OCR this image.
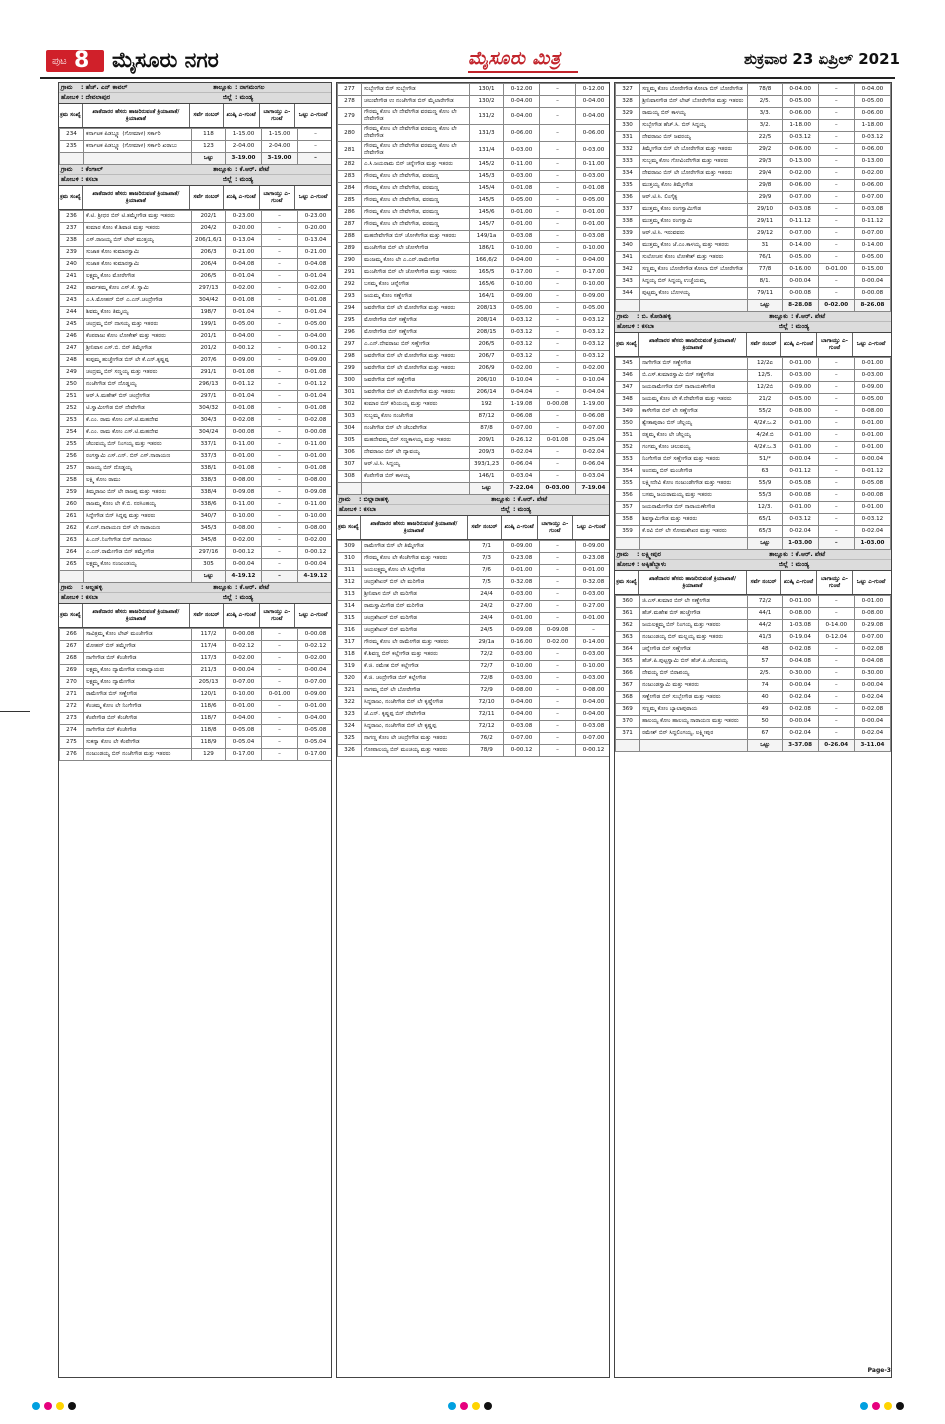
ಪುಟ 8 ಮೈಸೂರು ನಗರ	ಮೈಸೂರು ಮಿತ್ರ	ಶುಕ್ರವಾರ 23 ಏಪ್ರಿಲ್ 2021
ಗ್ರಾಮ	: ಹೆಚ್. ಎನ್ ಕಾವಲ್	ತಾಲ್ಲೂಕು : ನಾಗಮಂಗಲ
ಹೋಬಳಿ : ದೇವಲಾಪುರ	ಜಿಲ್ಲೆ : ಮಂಡ್ಯ
ಕ್ರಮ ಸಂಖ್ಯೆ
ಖಾತೆದಾರರ ಹೆಸರು ಹಾಜರಿರುವಂತೆ ಕ್ರಿಯಾಖಾತೆ/ಕ್ರಿಯಾಖಾತೆ
ಸರ್ವೆ ನಂಬರ್	ಖುಷ್ಕಿ ಎ-ಗುಂಟೆ
ಬಾಗಾಯ್ತು ಎ-ಗುಂಟೆ
ಒಟ್ಟು ಎ-ಗುಂಟೆ
234	ಕರ್ನಾಟಕ ಪಿಡಬ್ಲ್ಯೂ (ಗೋಮಾಳ) ಸರ್ಕಾರಿ	118	1-15.00	1-15.00	–
235	ಕರ್ನಾಟಕ ಪಿಡಬ್ಲ್ಯೂ (ಗೋಮಾಳ) ಸರ್ಕಾರಿ ಖರಾಬು	123	2-04.00	2-04.00	–
		ಒಟ್ಟು	3-19.00	3-19.00	–
ಗ್ರಾಮ	: ಕೆಂಗಾಲ್	ತಾಲ್ಲೂಕು : ಕೆ.ಆರ್. ಪೇಟೆ
ಹೋಬಳಿ : ಕಸಬಾ	ಜಿಲ್ಲೆ : ಮಂಡ್ಯ
ಕ್ರಮ ಸಂಖ್ಯೆ
ಖಾತೆದಾರರ ಹೆಸರು ಹಾಜರಿರುವಂತೆ ಕ್ರಿಯಾಖಾತೆ/ಕ್ರಿಯಾಖಾತೆ
ಸರ್ವೆ ನಂಬರ್	ಖುಷ್ಕಿ ಎ-ಗುಂಟೆ
ಬಾಗಾಯ್ತು ಎ-ಗುಂಟೆ
ಒಟ್ಟು ಎ-ಗುಂಟೆ
236	ಕೆ.ಟಿ. ಶ್ರೀಧರ ಬಿನ್ ಟಿ.ತಮ್ಮೇಗೌಡ ಮತ್ತು ಇತರರು	202/1	0-23.00	–	0-23.00
237	ಕುಮಾರ ಕೋಂ ಕೆ.ಶಿವಾಜಿ ಮತ್ತು ಇತರರು	204/2	0-20.00	–	0-20.00
238	ಎಸ್.ರಾಜಯ್ಯ ಬಿನ್ ಲೇಟ್ ಮುತ್ತಯ್ಯ	206/1,6/1	0-13.04	–	0-13.04
239	ಸುಜಾತ ಕೋಂ ಕುಮಾರಸ್ವಾಮಿ	206/3	0-21.00	–	0-21.00
240	ಸುಜಾತ ಕೋಂ ಕುಮಾರಸ್ವಾಮಿ	206/4	0-04.08	–	0-04.08
241	ಲಕ್ಷ್ಮಮ್ಮ ಕೋಂ ಮೋರೇಗೌಡ	206/5	0-01.04	–	0-01.04
242	ಪಾರ್ವತಮ್ಮ ಕೋಂ ಎಸ್.ಕೆ. ಸ್ವಾಮಿ	297/13	0-02.00	–	0-02.00
243	ಎ.ಸಿ.ಮೋಹನ್ ಬಿನ್ ಎ.ಎನ್.ಚಂದ್ರೇಗೌಡ	304/42	0-01.08	–	0-01.08
244	ಶಿವಮ್ಮ ಕೋಂ ತಿಮ್ಮಯ್ಯ	198/7	0-01.04	–	0-01.04
245	ಚಂದ್ರಮ್ಮ ಬಿನ್ ದಾಸಯ್ಯ ಮತ್ತು ಇತರರು	199/1	0-05.00	–	0-05.00
246	ಕೆಂಪರಾಜು ಕೋಂ ಲೋಕೇಶ್ ಮತ್ತು ಇತರರು	201/1	0-04.00	–	0-04.00
247	ಶ್ರೀನಿವಾಸ ಎಸ್.ಬಿ. ಬಿನ್ ತಿಮ್ಮೇಗೌಡ	201/2	0-00.12	–	0-00.12
248	ಕುಪ್ಪಮ್ಮ ಹುಚ್ಚೇಗೌಡ ಬಿನ್ ಲೇ ಕೆ.ಎನ್.ಕೃಷ್ಣಪ್ಪ	207/6	0-09.00	–	0-09.00
249	ಚಂದ್ರಮ್ಮ ಬಿನ್ ಸಣ್ಣಯ್ಯ ಮತ್ತು ಇತರರು	291/1	0-01.08	–	0-01.08
250	ನಂಜೇಗೌಡ ಬಿನ್ ದೊಡ್ಡಯ್ಯ	296/13	0-01.12	–	0-01.12
251	ಆರ್.ಸಿ.ಮಹೇಶ್ ಬಿನ್ ಚಂದ್ರೇಗೌಡ	297/1	0-01.04	–	0-01.04
252	ಟಿ.ಸ್ವಾಮೀಗೌಡ ಬಿನ್ ದೇವೇಗೌಡ	304/32	0-01.08	–	0-01.08
253	ಕೆ.ಎಂ. ರಾಮ ಕೋಂ ಎಸ್.ಟಿ.ಮಹದೇವ	304/3	0-02.08	–	0-02.08
254	ಕೆ.ಎಂ. ರಾಮ ಕೋಂ ಎಸ್.ಟಿ.ಮಹದೇವ	304/24	0-00.08	–	0-00.08
255	ಚೆಲುವಯ್ಯ ಬಿನ್ ನಿಂಗಯ್ಯ ಮತ್ತು ಇತರರು	337/1	0-11.00	–	0-11.00
256	ರಂಗಸ್ವಾಮಿ ಎಸ್.ಎನ್. ಬಿನ್ ಎಸ್.ನಾರಾಯಣ	337/3	0-01.00	–	0-01.00
257	ರಾಜಯ್ಯ ಬಿನ್ ದೊಡ್ಡಯ್ಯ	338/1	0-01.08	–	0-01.08
258	ಲಕ್ಷ್ಮಿ ಕೋಂ ರಾಮು	338/3	0-08.00	–	0-08.00
259	ತಿಮ್ಮರಾಜು ಬಿನ್ ಲೇ ರಾಜಪ್ಪ ಮತ್ತು ಇತರರು	338/4	0-09.08	–	0-09.08
260	ರಾಜಮ್ಮ ಕೋಂ ಲೇ ಕೆ.ಬಿ. ನರಸಿಂಹಯ್ಯ	338/6	0-11.00	–	0-11.00
261	ಸಿದ್ದೇಗೌಡ ಬಿನ್ ಸಿದ್ದಪ್ಪ ಮತ್ತು ಇತರರು	340/7	0-10.00	–	0-10.00
262	ಕೆ.ಎನ್.ನಾರಾಯಣ ಬಿನ್ ಲೇ ನಾರಾಯಣ	345/3	0-08.00	–	0-08.00
263	ಪಿ.ಎನ್.ನಿಂಗೇಗೌಡ ಬಿನ್ ನಾಗರಾಜು	345/8	0-02.00	–	0-02.00
264	ಎ.ಎನ್.ರಾಮೇಗೌಡ ಬಿನ್ ತಮ್ಮೇಗೌಡ	297/16	0-00.12	–	0-00.12
265	ಲಕ್ಷ್ಮಮ್ಮ ಕೋಂ ನಂಜುಂಡಯ್ಯ	305	0-00.04	–	0-00.04
		ಒಟ್ಟು	4-19.12	–	4-19.12
ಗ್ರಾಮ	: ಆಲ್ದಹಳ್ಳಿ	ತಾಲ್ಲೂಕು : ಕೆ.ಆರ್. ಪೇಟೆ
ಹೋಬಳಿ : ಕಸಬಾ	ಜಿಲ್ಲೆ : ಮಂಡ್ಯ
ಕ್ರಮ ಸಂಖ್ಯೆ
ಖಾತೆದಾರರ ಹೆಸರು ಹಾಜರಿರುವಂತೆ ಕ್ರಿಯಾಖಾತೆ/ಕ್ರಿಯಾಖಾತೆ
ಸರ್ವೆ ನಂಬರ್	ಖುಷ್ಕಿ ಎ-ಗುಂಟೆ
ಬಾಗಾಯ್ತು ಎ-ಗುಂಟೆ
ಒಟ್ಟು ಎ-ಗುಂಟೆ
266	ಸಾವಿತ್ರಮ್ಮ ಕೋಂ ಲೇಟ್ ಮಂಜೇಗೌಡ	117/2	0-00.08	–	0-00.08
267	ಮೋಹನ್ ಬಿನ್ ತಮ್ಮೇಗೌಡ	117/4	0-02.12	–	0-02.12
268	ನಾಗೇಗೌಡ ಬಿನ್ ಕೆಂಚೇಗೌಡ	117/3	0-02.00	–	0-02.00
269	ಲಕ್ಷ್ಮಮ್ಮ ಕೋಂ ದ್ಯಾಮೇಗೌಡ ಉಪಾಧ್ಯಾಯರು	211/3	0-00.04	–	0-00.04
270	ಲಕ್ಷ್ಮಮ್ಮ ಕೋಂ ದ್ಯಾಮೇಗೌಡ	205/13	0-07.00	–	0-07.00
271	ರಾಮೇಗೌಡ ಬಿನ್ ಸಣ್ಣೇಗೌಡ	120/1	0-10.00	0-01.00	0-09.00
272	ಕೆಂಚಮ್ಮ ಕೋಂ ಲೇ ನಿಂಗೇಗೌಡ	118/6	0-01.00	–	0-01.00
273	ಕೆಂಪೇಗೌಡ ಬಿನ್ ಕೆಂಚೇಗೌಡ	118/7	0-04.00	–	0-04.00
274	ನಾಗೇಗೌಡ ಬಿನ್ ಕೆಂಚೇಗೌಡ	118/8	0-05.08	–	0-05.08
275	ಸುಕನ್ಯಾ ಕೋಂ ಲೇ ಕೆಂಪೇಗೌಡ	118/9	0-05.04	–	0-05.04
276	ನಂಜುಂಡಯ್ಯ ಬಿನ್ ನಂಜೇಗೌಡ ಮತ್ತು ಇತರರು	129	0-17.00	–	0-17.00
277	ಸುಬ್ಬೇಗೌಡ ಬಿನ್ ಸುಬ್ಬೇಗೌಡ	130/1	0-12.00	–	0-12.00
278	ಚಲುವೇಗೌಡ ಉ ನಂಜೇಗೌಡ ಬಿನ್ ಮೈಲಾರೇಗೌಡ	130/2	0-04.00	–	0-04.00
279	ಗೌರಮ್ಮ ಕೋಂ ಲೇ ದೇವೇಗೌಡ ವರಮಣ್ಣ ಕೋಂ ಲೇ ದೇವೇಗೌಡ	131/2	0-04.00	–	0-04.00
280	ಗೌರಮ್ಮ ಕೋಂ ಲೇ ದೇವೇಗೌಡ ವರಮಣ್ಣ ಕೋಂ ಲೇ ದೇವೇಗೌಡ	131/3	0-06.00	–	0-06.00
281	ಗೌರಮ್ಮ ಕೋಂ ಲೇ ದೇವೇಗೌಡ ವರಮಣ್ಣ ಕೋಂ ಲೇ ದೇವೇಗೌಡ	131/4	0-03.00	–	0-03.00
282	ಎ.ಸಿ.ಜಯರಾಮ ಬಿನ್ ಚನ್ನೇಗೌಡ ಮತ್ತು ಇತರರು	145/2	0-11.00	–	0-11.00
283	ಗೌರಮ್ಮ ಕೋಂ ಲೇ ದೇವೇಗೌಡ, ವರಮಣ್ಣ	145/3	0-03.00	–	0-03.00
284	ಗೌರಮ್ಮ ಕೋಂ ಲೇ ದೇವೇಗೌಡ, ವರಮಣ್ಣ	145/4	0-01.08	–	0-01.08
285	ಗೌರಮ್ಮ ಕೋಂ ಲೇ ದೇವೇಗೌಡ, ವರಮಣ್ಣ	145/5	0-05.00	–	0-05.00
286	ಗೌರಮ್ಮ ಕೋಂ ಲೇ ದೇವೇಗೌಡ, ವರಮಣ್ಣ	145/6	0-01.00	–	0-01.00
287	ಗೌರಮ್ಮ ಕೋಂ ಲೇ ದೇವೇಗೌಡ, ವರಮಣ್ಣ	145/7	0-01.00	–	0-01.00
288	ಮಹದೇವೇಗೌಡ ಬಿನ್ ಚೋಳೇಗೌಡ ಮತ್ತು ಇತರರು	149/1a	0-03.08	–	0-03.08
289	ಮಂಜೇಗೌಡ ಬಿನ್ ಲೇ ಚೋಳೇಗೌಡ	186/1	0-10.00	–	0-10.00
290	ಮಂಜಮ್ಮ ಕೋಂ ಲೇ ಎ.ಎನ್.ರಾಮೇಗೌಡ	166,6/2	0-04.00	–	0-04.00
291	ಮಂಜೇಗೌಡ ಬಿನ್ ಲೇ ಚೋಳೇಗೌಡ ಮತ್ತು ಇತರರು	165/5	0-17.00	–	0-17.00
292	ಬಸಮ್ಮ ಕೋಂ ಚನ್ನೇಗೌಡ	165/6	0-10.00	–	0-10.00
293	ಜಯಮ್ಮ ಕೋಂ ಸಣ್ಣೇಗೌಡ	164/1	0-09.00	–	0-09.00
294	ಜವರೇಗೌಡ ಬಿನ್ ಲೇ ಮೋರೇಗೌಡ ಮತ್ತು ಇತರರು	208/13	0-05.00	–	0-05.00
295	ಮೋರೇಗೌಡ ಬಿನ್ ಸಣ್ಣೇಗೌಡ	208/14	0-03.12	–	0-03.12
296	ಮೋರೇಗೌಡ ಬಿನ್ ಸಣ್ಣೇಗೌಡ	208/15	0-03.12	–	0-03.12
297	ಎ.ಎನ್.ದೇವರಾಜು ಬಿನ್ ಸಣ್ಣೇಗೌಡ	206/5	0-03.12	–	0-03.12
298	ಜವರೇಗೌಡ ಬಿನ್ ಲೇ ಮೋರೇಗೌಡ ಮತ್ತು ಇತರರು	206/7	0-03.12	–	0-03.12
299	ಜವರೇಗೌಡ ಬಿನ್ ಲೇ ಮೋರೇಗೌಡ ಮತ್ತು ಇತರರು	206/9	0-02.00	–	0-02.00
300	ಜವರೇಗೌಡ ಬಿನ್ ಸಣ್ಣೇಗೌಡ	206/10	0-10.04	–	0-10.04
301	ಜವರೇಗೌಡ ಬಿನ್ ಲೇ ಮೋರೇಗೌಡ ಮತ್ತು ಇತರರು	206/14	0-04.04	–	0-04.04
302	ಕುಮಾರ ಬಿನ್ ಕರಿಯಯ್ಯ ಮತ್ತು ಇತರರು	192	1-19.08	0-00.08	1-19.00
303	ಸುಬ್ಬಮ್ಮ ಕೋಂ ನಂಜೇಗೌಡ	87/12	0-06.08	–	0-06.08
304	ನಂಜೇಗೌಡ ಬಿನ್ ಲೇ ಚೆಲುವೇಗೌಡ	87/8	0-07.00	–	0-07.00
305	ಮಹದೇವಮ್ಮ ಬಿನ್ ಸಣ್ಣಕಾಳಯ್ಯ ಮತ್ತು ಇತರರು	209/1	0-26.12	0-01.08	0-25.04
306	ದೇವರಾಜು ಬಿನ್ ಲೇ ದ್ಯಾವಯ್ಯ	209/3	0-02.04	–	0-02.04
307	ಆರ್.ಟಿ.ಸಿ. ಸಿದ್ದಯ್ಯ	393/1,23	0-06.04	–	0-06.04
308	ಕೆಂಪೇಗೌಡ ಬಿನ್ ಕಾಳಯ್ಯ	146/1	0-03.04	–	0-03.04
		ಒಟ್ಟು	7-22.04	0-03.00	7-19.04
ಗ್ರಾಮ	: ಬಿಲ್ಲಾನಾಹಳ್ಳಿ	ತಾಲ್ಲೂಕು : ಕೆ.ಆರ್. ಪೇಟೆ
ಹೋಬಳಿ : ಕಸಬಾ	ಜಿಲ್ಲೆ : ಮಂಡ್ಯ
ಕ್ರಮ ಸಂಖ್ಯೆ
ಖಾತೆದಾರರ ಹೆಸರು ಹಾಜರಿರುವಂತೆ ಕ್ರಿಯಾಖಾತೆ/ಕ್ರಿಯಾಖಾತೆ
ಸರ್ವೆ ನಂಬರ್	ಖುಷ್ಕಿ ಎ-ಗುಂಟೆ
ಬಾಗಾಯ್ತು ಎ-ಗುಂಟೆ
ಒಟ್ಟು ಎ-ಗುಂಟೆ
309	ರಾಮೇಗೌಡ ಬಿನ್ ಲೇ ತಿಮ್ಮೇಗೌಡ	7/1	0-09.00	–	0-09.00
310	ಗೌರಮ್ಮ ಕೋಂ ಲೇ ಕೆಂಚೇಗೌಡ ಮತ್ತು ಇತರರು	7/3	0-23.08	–	0-23.08
311	ಜಯಲಕ್ಷ್ಮಮ್ಮ ಕೋಂ ಲೇ ಸಿದ್ದೇಗೌಡ	7/6	0-01.00	–	0-01.00
312	ಚಂದ್ರಶೇಖರ್ ಬಿನ್ ಲೇ ಮರಿಗೌಡ	7/5	0-32.08	–	0-32.08
313	ಶ್ರೀನಿವಾಸ ಬಿನ್ ಲೇ ಮರಿಗೌಡ	24/4	0-03.00	–	0-03.00
314	ರಾಮಸ್ವಾಮಿಗೌಡ ಬಿನ್ ಮರಿಗೌಡ	24/2	0-27.00	–	0-27.00
315	ಚಂದ್ರಶೇಖರ್ ಬಿನ್ ಮರಿಗೌಡ	24/4	0-01.00	–	0-01.00
316	ಚಂದ್ರಶೇಖರ್ ಬಿನ್ ಮರಿಗೌಡ	24/5	0-09.08	0-09.08	–
317	ಗೌರಮ್ಮ ಕೋಂ ಲೇ ರಾಮೇಗೌಡ ಮತ್ತು ಇತರರು	29/1a	0-16.00	0-02.00	0-14.00
318	ಕೆ.ಶಿವಣ್ಣ ಬಿನ್ ಕಲ್ಲೇಗೌಡ ಮತ್ತು ಇತರರು	72/2	0-03.00	–	0-03.00
319	ಕೆ.ಜಿ. ರಮೇಶ ಬಿನ್ ಕಲ್ಲೇಗೌಡ	72/7	0-10.00	–	0-10.00
320	ಕೆ.ಜಿ. ಚಂದ್ರೇಗೌಡ ಬಿನ್ ಕಲ್ಲೇಗೌಡ	72/8	0-03.00	–	0-03.00
321	ನಾಗಮ್ಮ ಬಿನ್ ಲೇ ಬೋರೇಗೌಡ	72/9	0-08.00	–	0-08.00
322	ಸಿದ್ದರಾಜು, ನಂಜೇಗೌಡ ಬಿನ್ ಲೇ ಕೃಷ್ಣೇಗೌಡ	72/10	0-04.00	–	0-04.00
323	ಜೆ.ಎನ್. ಕೃಷ್ಣಪ್ಪ ಬಿನ್ ದೇವೇಗೌಡ	72/11	0-04.00	–	0-04.00
324	ಸಿದ್ದರಾಜು, ನಂಜೇಗೌಡ ಬಿನ್ ಲೇ ಕೃಷ್ಣಪ್ಪ	72/12	0-03.08	–	0-03.08
325	ನಾಗಣ್ಣ ಕೋಂ ಲೇ ಚಂದ್ರೇಗೌಡ ಮತ್ತು ಇತರರು	76/2	0-07.00	–	0-07.00
326	ಗೋಪಾಲಯ್ಯ ಬಿನ್ ಮಂಚಯ್ಯ ಮತ್ತು ಇತರರು	78/9	0-00.12	–	0-00.12
327	ಸಣ್ಣಮ್ಮ ಕೋಂ ಬೋರೇಗೌಡ ಕೋಲಾ ಬಿನ್ ಬೋರೇಗೌಡ	78/8	0-04.00	–	0-04.00
328	ಶ್ರೀನಿವಾಸಗೌಡ ಬಿನ್ ಲೇಟ್ ಬೋರೇಗೌಡ ಮತ್ತು ಇತರರು	2/5.	0-05.00	–	0-05.00
329	ರಾಮಯ್ಯ ಬಿನ್ ಕಾಳಯ್ಯ	3/3.	0-06.00	–	0-06.00
330	ಸುಬ್ಬೇಗೌಡ ಹೆಚ್.ಸಿ. ಬಿನ್ ಸಿದ್ದಯ್ಯ	3/2.	1-18.00	–	1-18.00
331	ದೇವರಾಜು ಬಿನ್ ಜವರಯ್ಯ	22/5	0-03.12	–	0-03.12
332	ತಿಮ್ಮೇಗೌಡ ಬಿನ್ ಲೇ ಬೋರೇಗೌಡ ಮತ್ತು ಇತರರು	29/2	0-06.00	–	0-06.00
333	ಸುಬ್ಬಮ್ಮ ಕೋಂ ಗೋವಿಂದೇಗೌಡ ಮತ್ತು ಇತರರು	29/3	0-13.00	–	0-13.00
334	ದೇವರಾಜು ಬಿನ್ ಲೇ ಬೋರೇಗೌಡ ಮತ್ತು ಇತರರು	29/4	0-02.00	–	0-02.00
335	ಮುತ್ತಯ್ಯ ಕೋಂ ತಿಮ್ಮೇಗೌಡ	29/8	0-06.00	–	0-06.00
336	ಆರ್.ಟಿ.ಸಿ. ಲಿಂಗೈಕ್ಯ	29/9	0-07.00	–	0-07.00
337	ಮುತ್ತಮ್ಮ ಕೋಂ ರಂಗಸ್ವಾಮಿಗೌಡ	29/10	0-03.08	–	0-03.08
338	ಮುತ್ತಮ್ಮ ಕೋಂ ರಂಗಸ್ವಾಮಿ	29/11	0-11.12	–	0-11.12
339	ಆರ್.ಟಿ.ಸಿ. ಇರುವವರು	29/12	0-07.00	–	0-07.00
340	ಮುತ್ತಮ್ಮ ಕೋಂ ಜೆ.ಎಂ.ಕಾಳಯ್ಯ ಮತ್ತು ಇತರರು	31	0-14.00	–	0-14.00
341	ಸುಲೋಚನ ಕೋಂ ಲೋಕೇಶ್ ಮತ್ತು ಇತರರು	76/1	0-05.00	–	0-05.00
342	ಸಣ್ಣಮ್ಮ ಕೋಂ ಬೋರೇಗೌಡ ಕೋಲಾ ಬಿನ್ ಬೋರೇಗೌಡ	77/8	0-16.00	0-01.00	0-15.00
343	ಸಿದ್ದಯ್ಯ ಬಿನ್ ಸಿದ್ದಯ್ಯ ಉಚ್ಚೆಯಮ್ಮ	8/1.	0-00.04	–	0-00.04
344	ಪುಟ್ಟಮ್ಮ ಕೋಂ ಬೋಳಯ್ಯ	79/11	0-00.08	–	0-00.08
		ಒಟ್ಟು	8-28.08	0-02.00	8-26.08
ಗ್ರಾಮ	: ಬಿ. ಕೋಡಿಹಳ್ಳಿ	ತಾಲ್ಲೂಕು : ಕೆ.ಆರ್. ಪೇಟೆ
ಹೋಬಳಿ : ಕಸಬಾ	ಜಿಲ್ಲೆ : ಮಂಡ್ಯ
ಕ್ರಮ ಸಂಖ್ಯೆ
ಖಾತೆದಾರರ ಹೆಸರು ಹಾಜರಿರುವಂತೆ ಕ್ರಿಯಾಖಾತೆ/ಕ್ರಿಯಾಖಾತೆ
ಸರ್ವೆ ನಂಬರ್	ಖುಷ್ಕಿ ಎ-ಗುಂಟೆ
ಬಾಗಾಯ್ತು ಎ-ಗುಂಟೆ
ಒಟ್ಟು ಎ-ಗುಂಟೆ
345	ನಾಗೇಗೌಡ ಬಿನ್ ಸಣ್ಣೇಗೌಡ	12/2ಏ	0-01.00	–	0-01.00
346	ಬಿ.ಎಸ್.ಕುಮಾರಸ್ವಾಮಿ ಬಿನ್ ಸಣ್ಣೇಗೌಡ	12/5.	0-03.00	–	0-03.00
347	ಜಯರಾಮೇಗೌಡ ಬಿನ್ ನಾರಾಯಣೇಗೌಡ	12/2ಬಿ	0-09.00	–	0-09.00
348	ಜಯಮ್ಮ ಕೋಂ ಲೇ ಕೆ.ದೇವೇಗೌಡ ಮತ್ತು ಇತರರು	21/2	0-05.00	–	0-05.00
349	ಕಾಳೇಗೌಡ ಬಿನ್ ಲೇ ಸಣ್ಣೇಗೌಡ	55/2	0-08.00	–	0-08.00
350	ಶ್ವೇತಾಪುರಾಂ ಬಿನ್ ಚೆಲ್ಲಯ್ಯ	4/2ಕೆ.ಒ.2	0-01.00	–	0-01.00
351	ರತ್ನಮ್ಮ ಕೋಂ ಲೇ ಚೆಲ್ಲಯ್ಯ	4/2ಕೆ.ಬಿ	0-01.00	–	0-01.00
352	ಗಂಗಮ್ಮ ಕೋಂ ಚಲುವಯ್ಯ	4/2ಕೆ.ಒ.3	0-01.00	–	0-01.00
353	ನಿಂಗೇಗೌಡ ಬಿನ್ ಸಣ್ಣೇಗೌಡ ಮತ್ತು ಇತರರು	51/*	0-00.04	–	0-00.04
354	ಅಂದಮ್ಮ ಬಿನ್ ಮಂಚೇಗೌಡ	63	0-01.12	–	0-01.12
355	ಲಕ್ಷ್ಮೀದೇವಿ ಕೋಂ ನಂಜುಂಡೇಗೌಡ ಮತ್ತು ಇತರರು	55/9	0-05.08	–	0-05.08
356	ಬಸಮ್ಮ ಜಯರಾಮಯ್ಯ ಮತ್ತು ಇತರರು	55/3	0-00.08	–	0-00.08
357	ಜಯರಾಮೇಗೌಡ ಬಿನ್ ನಾರಾಯಣೇಗೌಡ	12/3.	0-01.00	–	0-01.00
358	ಶಿವಸ್ವಾಮಿಗೌಡ ಮತ್ತು ಇತರರು	65/1	0-03.12	–	0-03.12
359	ಕೆ.ರವಿ ಬಿನ್ ಲೇ ಸೋಮಶೇಖರ ಮತ್ತು ಇತರರು	65/3	0-02.04	–	0-02.04
		ಒಟ್ಟು	1-03.00	–	1-03.00
ಗ್ರಾಮ	: ಲಕ್ಷ್ಮೀಪುರ	ತಾಲ್ಲೂಕು : ಕೆ.ಆರ್. ಪೇಟೆ
ಹೋಬಳಿ : ಅಕ್ಕಿಹೆಬ್ಬಾಳು	ಜಿಲ್ಲೆ : ಮಂಡ್ಯ
ಕ್ರಮ ಸಂಖ್ಯೆ
ಖಾತೆದಾರರ ಹೆಸರು ಹಾಜರಿರುವಂತೆ ಕ್ರಿಯಾಖಾತೆ/ಕ್ರಿಯಾಖಾತೆ
ಸರ್ವೆ ನಂಬರ್	ಖುಷ್ಕಿ ಎ-ಗುಂಟೆ
ಬಾಗಾಯ್ತು ಎ-ಗುಂಟೆ
ಒಟ್ಟು ಎ-ಗುಂಟೆ
360	ಜಿ.ಎಸ್.ಕುಮಾರ ಬಿನ್ ಲೇ ಸಣ್ಣೇಗೌಡ	72/2	0-01.00	–	0-01.00
361	ಹೆಚ್.ಮಹೇಶ ಬಿನ್ ಹುಚ್ಚೇಗೌಡ	44/1	0-08.00	–	0-08.00
362	ಜಯಲಕ್ಷ್ಮಮ್ಮ ಬಿನ್ ನಿಂಗಯ್ಯ ಮತ್ತು ಇತರರು	44/2	1-03.08	0-14.00	0-29.08
363	ನಂಜುಂಡಯ್ಯ ಬಿನ್ ಮಲ್ಲಯ್ಯ ಮತ್ತು ಇತರರು	41/3	0-19.04	0-12.04	0-07.00
364	ಚನ್ನೇಗೌಡ ಬಿನ್ ಸಣ್ಣೇಗೌಡ	48	0-02.08	–	0-02.08
365	ಹೆಚ್.ಪಿ.ಪುಟ್ಟಸ್ವಾಮಿ ಬಿನ್ ಹೆಚ್.ಪಿ.ಚೆಲುವಯ್ಯ	57	0-04.08	–	0-04.08
366	ದೇವಯ್ಯ ಬಿನ್ ಬಿರಾಪಯ್ಯ	2/5.	0-30.00	–	0-30.00
367	ನಂಜುಂಡಸ್ವಾಮಿ ಮತ್ತು ಇತರರು	74	0-00.04	–	0-00.04
368	ಸಣ್ಣೇಗೌಡ ಬಿನ್ ಸುಬ್ಬೇಗೌಡ ಮತ್ತು ಇತರರು	40	0-02.04	–	0-02.04
369	ಸಣ್ಣಮ್ಮ ಕೋಂ ಬ್ಯಾಲಾಪುರಾಯ	49	0-02.08	–	0-02.08
370	ಹಾಲಯ್ಯ ಕೋಂ ಹಾಲಯ್ಯ ನಾರಾಯಣ ಮತ್ತು ಇತರರು	50	0-00.04	–	0-00.04
371	ರಮೇಶ್ ಬಿನ್ ಸಿದ್ದಲಿಂಗಯ್ಯ, ಲಕ್ಷ್ಮೀಪುರ	67	0-02.04	–	0-02.04
		ಒಟ್ಟು	3-37.08	0-26.04	3-11.04
Page-3
